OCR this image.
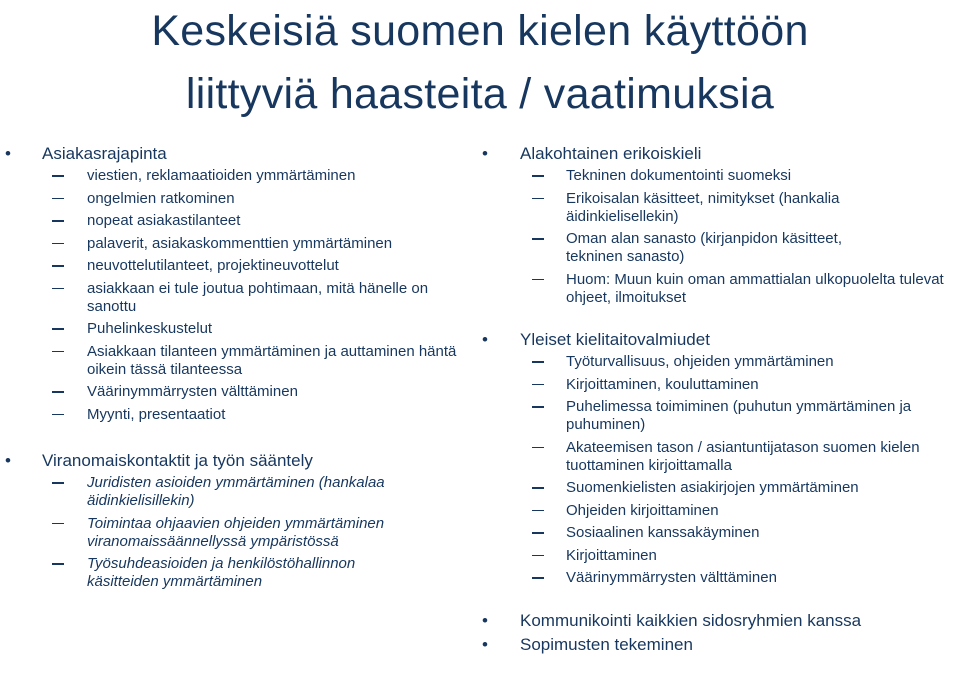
Keskeisiä suomen kielen käyttöön
liittyviä haasteita / vaatimuksia
• Asiakasrajapinta
viestien, reklamaatioiden ymmärtäminen
ongelmien ratkominen
nopeat asiakastilanteet
palaverit, asiakaskommenttien ymmärtäminen
neuvottelutilanteet, projektineuvottelut
asiakkaan ei tule joutua pohtimaan, mitä hänelle on sanottu
Puhelinkeskustelut
Asiakkaan tilanteen ymmärtäminen ja auttaminen häntä oikein tässä tilanteessa
Väärinymmärrysten välttäminen
Myynti, presentaatiot
• Viranomaiskontaktit ja työn sääntely
Juridisten asioiden ymmärtäminen (hankalaa äidinkielisillekin)
Toimintaa ohjaavien ohjeiden ymmärtäminen viranomaissäännellyssä ympäristössä
Työsuhdeasioiden ja henkilöstöhallinnon käsitteiden ymmärtäminen
• Alakohtainen erikoiskieli
Tekninen dokumentointi suomeksi
Erikoisalan käsitteet, nimitykset (hankalia äidinkielisellekin)
Oman alan sanasto (kirjanpidon käsitteet, tekninen sanasto)
Huom: Muun kuin oman ammattialan ulkopuolelta tulevat ohjeet, ilmoitukset
• Yleiset kielitaitovalmiudet
Työturvallisuus, ohjeiden ymmärtäminen
Kirjoittaminen, kouluttaminen
Puhelimessa toimiminen (puhutun ymmärtäminen ja puhuminen)
Akateemisen tason / asiantuntijatason suomen kielen tuottaminen kirjoittamalla
Suomenkielisten asiakirjojen ymmärtäminen
Ohjeiden kirjoittaminen
Sosiaalinen kanssakäyminen
Kirjoittaminen
Väärinymmärrysten välttäminen
• Kommunikointi kaikkien sidosryhmien kanssa
• Sopimusten tekeminen
